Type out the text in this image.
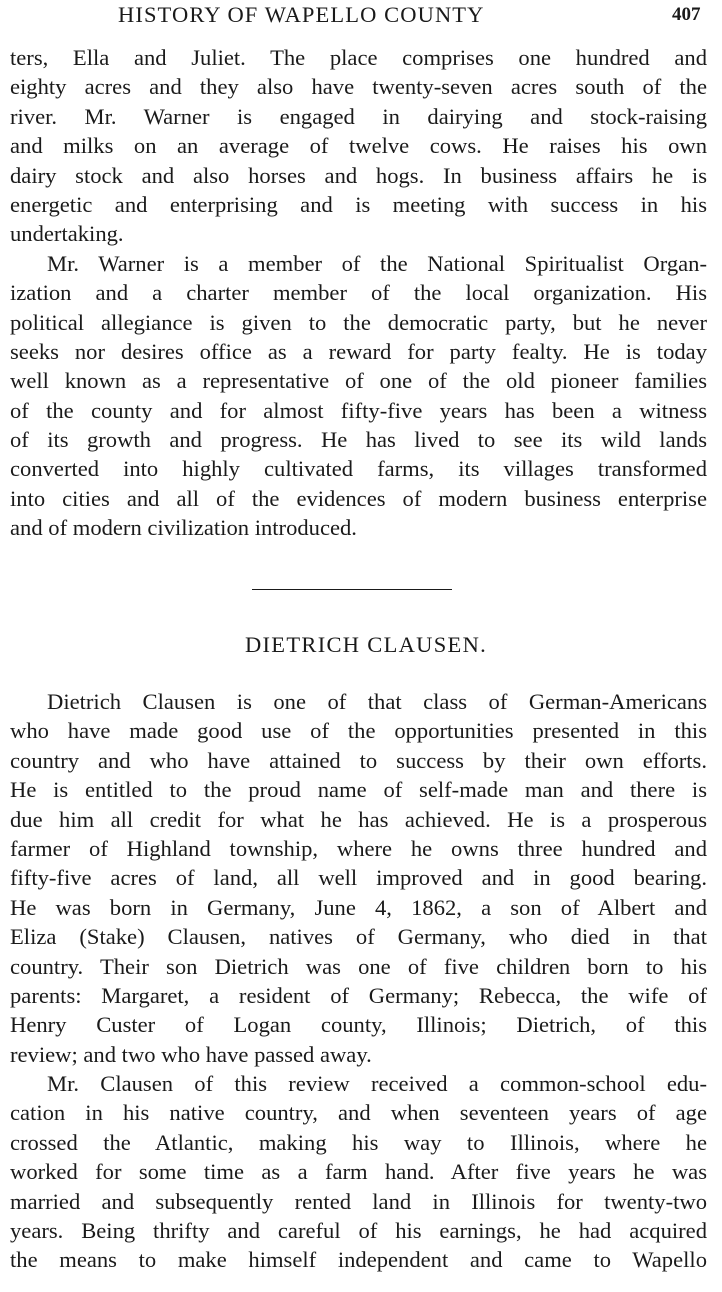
HISTORY OF WAPELLO COUNTY	407
ters, Ella and Juliet. The place comprises one hundred and
eighty acres and they also have twenty-seven acres south of the
river. Mr. Warner is engaged in dairying and stock-raising
and milks on an average of twelve cows. He raises his own
dairy stock and also horses and hogs. In business affairs he is
energetic and enterprising and is meeting with success in his
undertaking.
Mr. Warner is a member of the National Spiritualist Organ-
ization and a charter member of the local organization. His
political allegiance is given to the democratic party, but he never
seeks nor desires office as a reward for party fealty. He is today
well known as a representative of one of the old pioneer families
of the county and for almost fifty-five years has been a witness
of its growth and progress. He has lived to see its wild lands
converted into highly cultivated farms, its villages transformed
into cities and all of the evidences of modern business enterprise
and of modern civilization introduced.
DIETRICH CLAUSEN.
Dietrich Clausen is one of that class of German-Americans
who have made good use of the opportunities presented in this
country and who have attained to success by their own efforts.
He is entitled to the proud name of self-made man and there is
due him all credit for what he has achieved. He is a prosperous
farmer of Highland township, where he owns three hundred and
fifty-five acres of land, all well improved and in good bearing.
He was born in Germany, June 4, 1862, a son of Albert and
Eliza (Stake) Clausen, natives of Germany, who died in that
country. Their son Dietrich was one of five children born to his
parents: Margaret, a resident of Germany; Rebecca, the wife of
Henry Custer of Logan county, Illinois; Dietrich, of this
review; and two who have passed away.
Mr. Clausen of this review received a common-school edu-
cation in his native country, and when seventeen years of age
crossed the Atlantic, making his way to Illinois, where he
worked for some time as a farm hand. After five years he was
married and subsequently rented land in Illinois for twenty-two
years. Being thrifty and careful of his earnings, he had acquired
the means to make himself independent and came to Wapello
